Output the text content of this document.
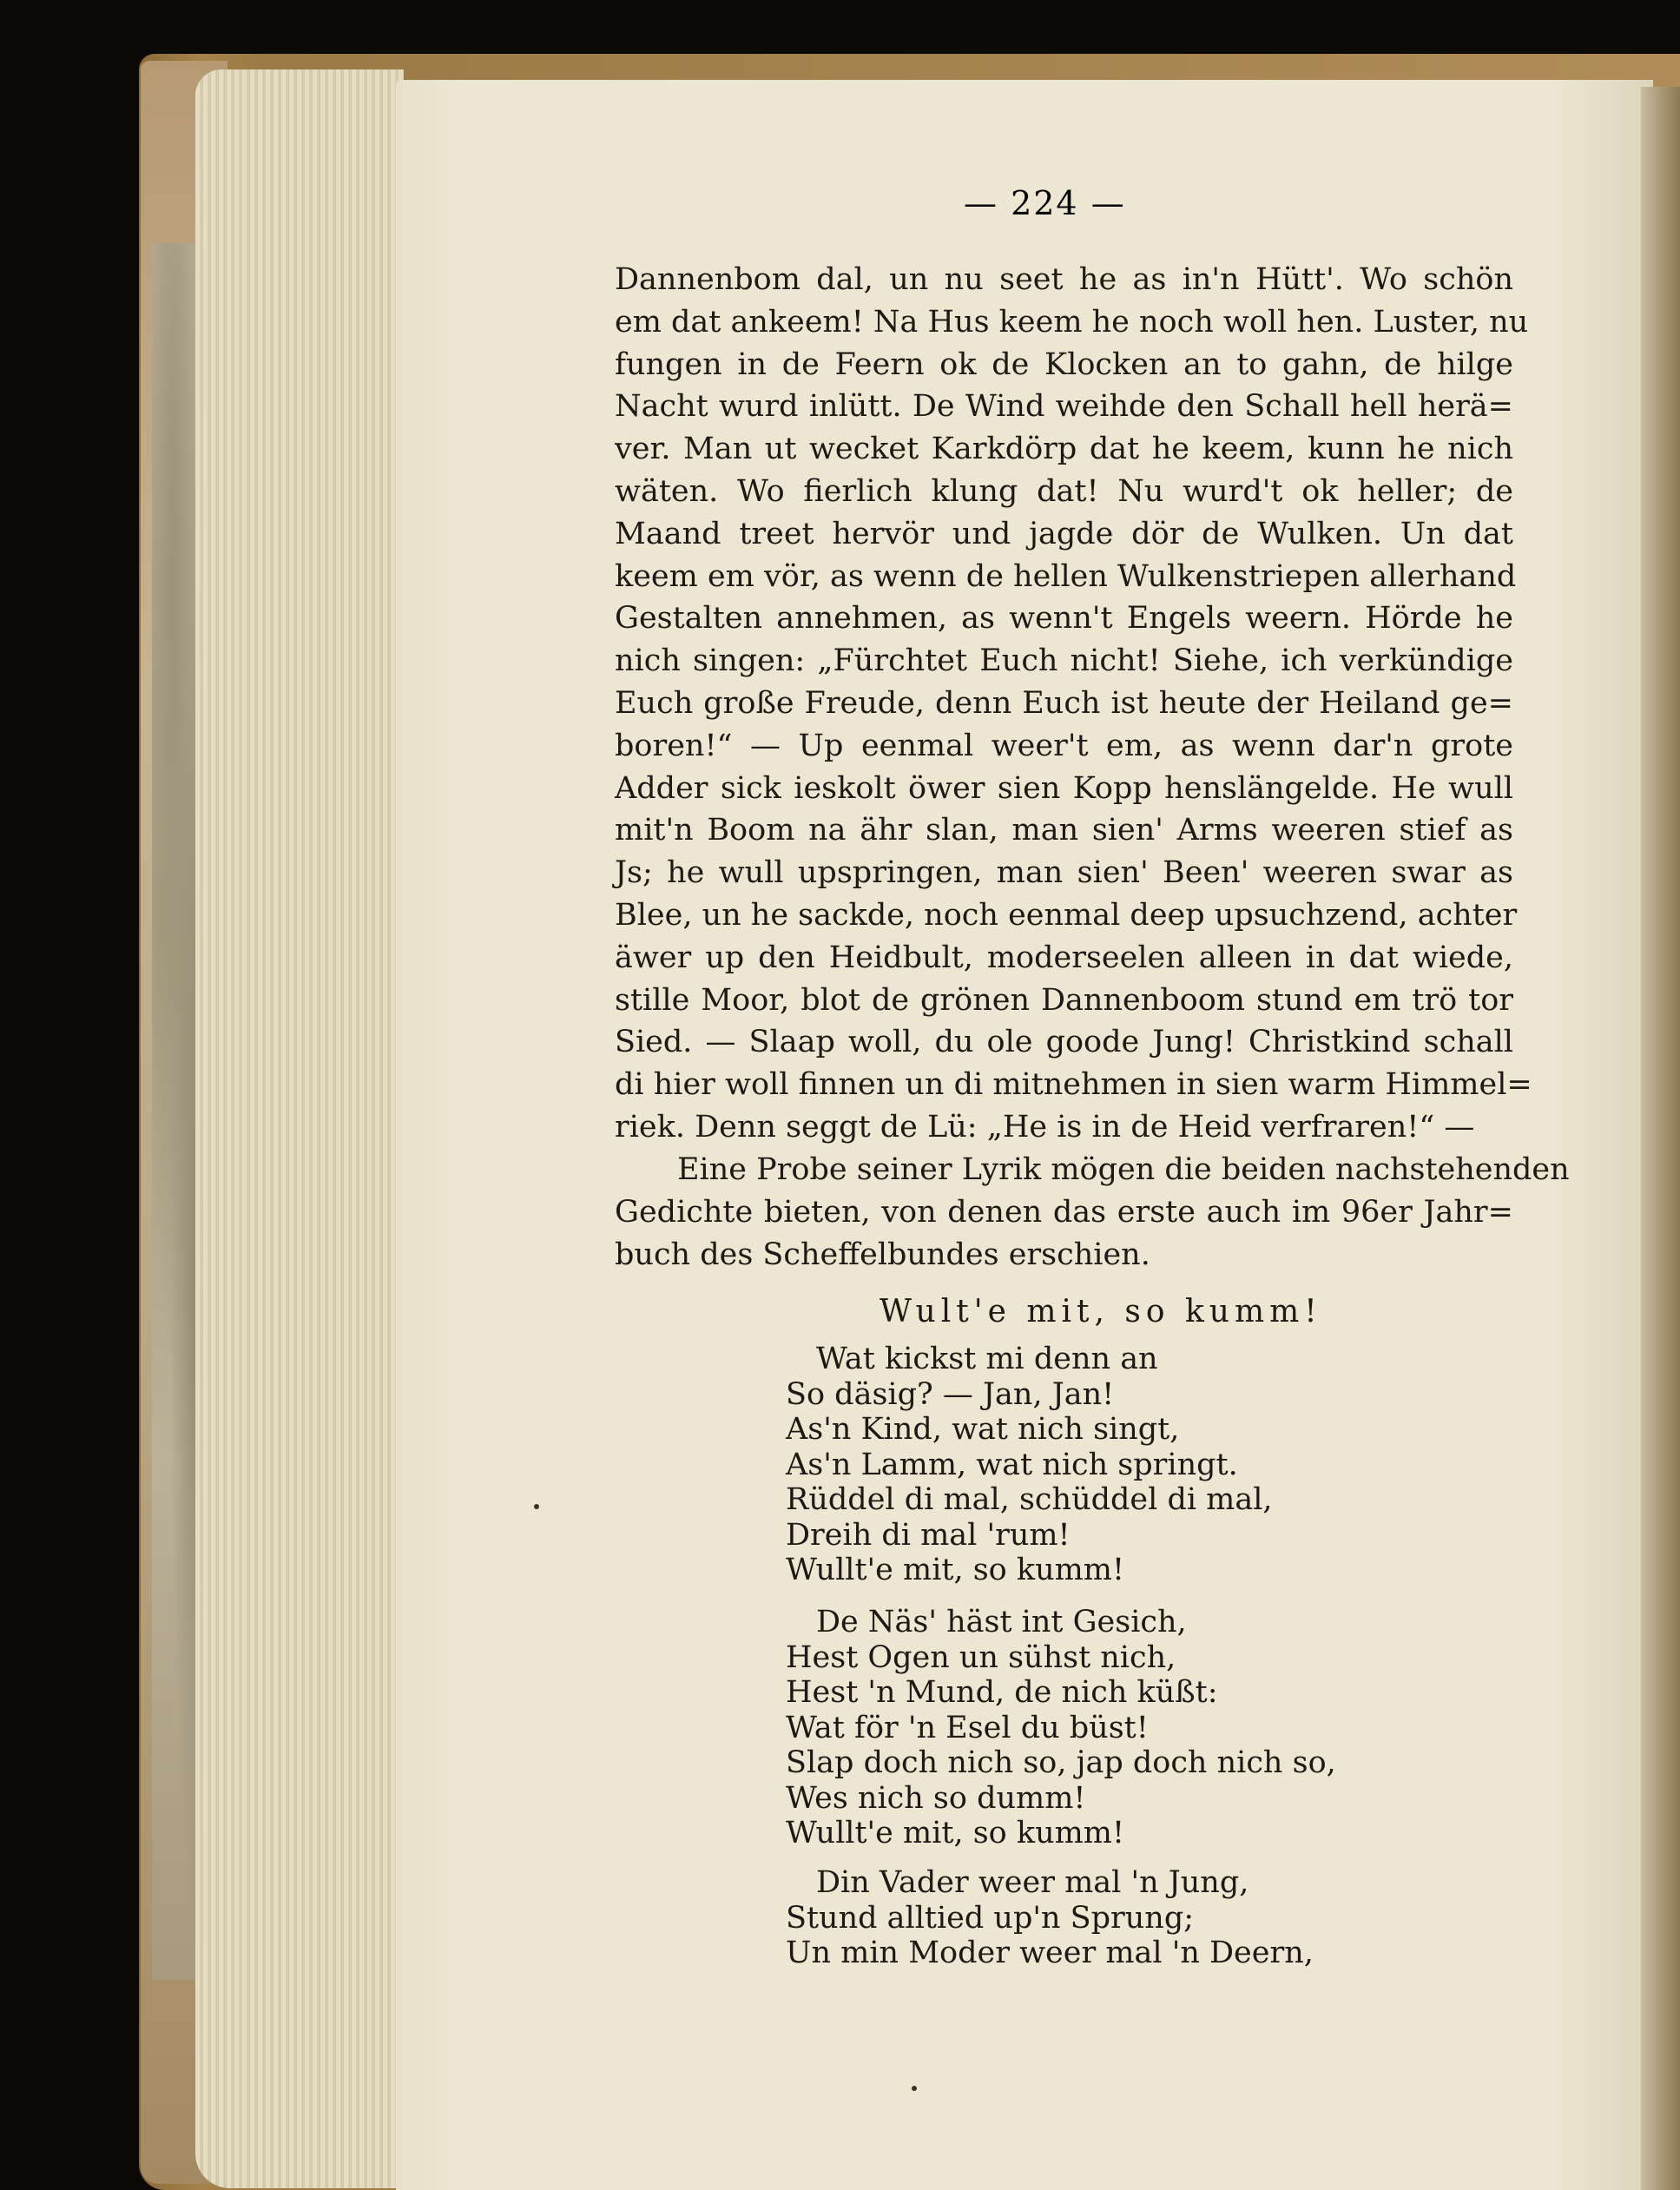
— 224 —
Dannenbom dal, un nu seet he as in'n Hütt'. Wo schön
em dat ankeem! Na Hus keem he noch woll hen. Luster, nu
fungen in de Feern ok de Klocken an to gahn, de hilge
Nacht wurd inlütt. De Wind weihde den Schall hell herä=
ver. Man ut wecket Karkdörp dat he keem, kunn he nich
wäten. Wo fierlich klung dat! Nu wurd't ok heller; de
Maand treet hervör und jagde dör de Wulken. Un dat
keem em vör, as wenn de hellen Wulkenstriepen allerhand
Gestalten annehmen, as wenn't Engels weern. Hörde he
nich singen: „Fürchtet Euch nicht! Siehe, ich verkündige
Euch große Freude, denn Euch ist heute der Heiland ge=
boren!“ — Up eenmal weer't em, as wenn dar'n grote
Adder sick ieskolt öwer sien Kopp henslängelde. He wull
mit'n Boom na ähr slan, man sien' Arms weeren stief as
Js; he wull upspringen, man sien' Been' weeren swar as
Blee, un he sackde, noch eenmal deep upsuchzend, achter
äwer up den Heidbult, modersеelen alleen in dat wiede,
stille Moor, blot de grönen Dannenboom stund em trö tor
Sied. — Slaap woll, du ole goode Jung! Christkind schall
di hier woll finnen un di mitnehmen in sien warm Himmel=
riek. Denn seggt de Lü: „He is in de Heid verfraren!“ —
Eine Probe seiner Lyrik mögen die beiden nachstehenden
Gedichte bieten, von denen das erste auch im 96er Jahr=
buch des Scheffelbundes erschien.
Wult'e mit, so kumm!
Wat kickst mi denn an
So däsig? — Jan, Jan!
As'n Kind, wat nich singt,
As'n Lamm, wat nich springt.
Rüddel di mal, schüddel di mal,
Dreih di mal 'rum!
Wullt'e mit, so kumm!
De Näs' häst int Gesich,
Hest Ogen un sühst nich,
Hest 'n Mund, de nich küßt:
Wat för 'n Esel du büst!
Slap doch nich so, jap doch nich so,
Wes nich so dumm!
Wullt'e mit, so kumm!
Din Vader weer mal 'n Jung,
Stund alltied up'n Sprung;
Un min Moder weer mal 'n Deern,
